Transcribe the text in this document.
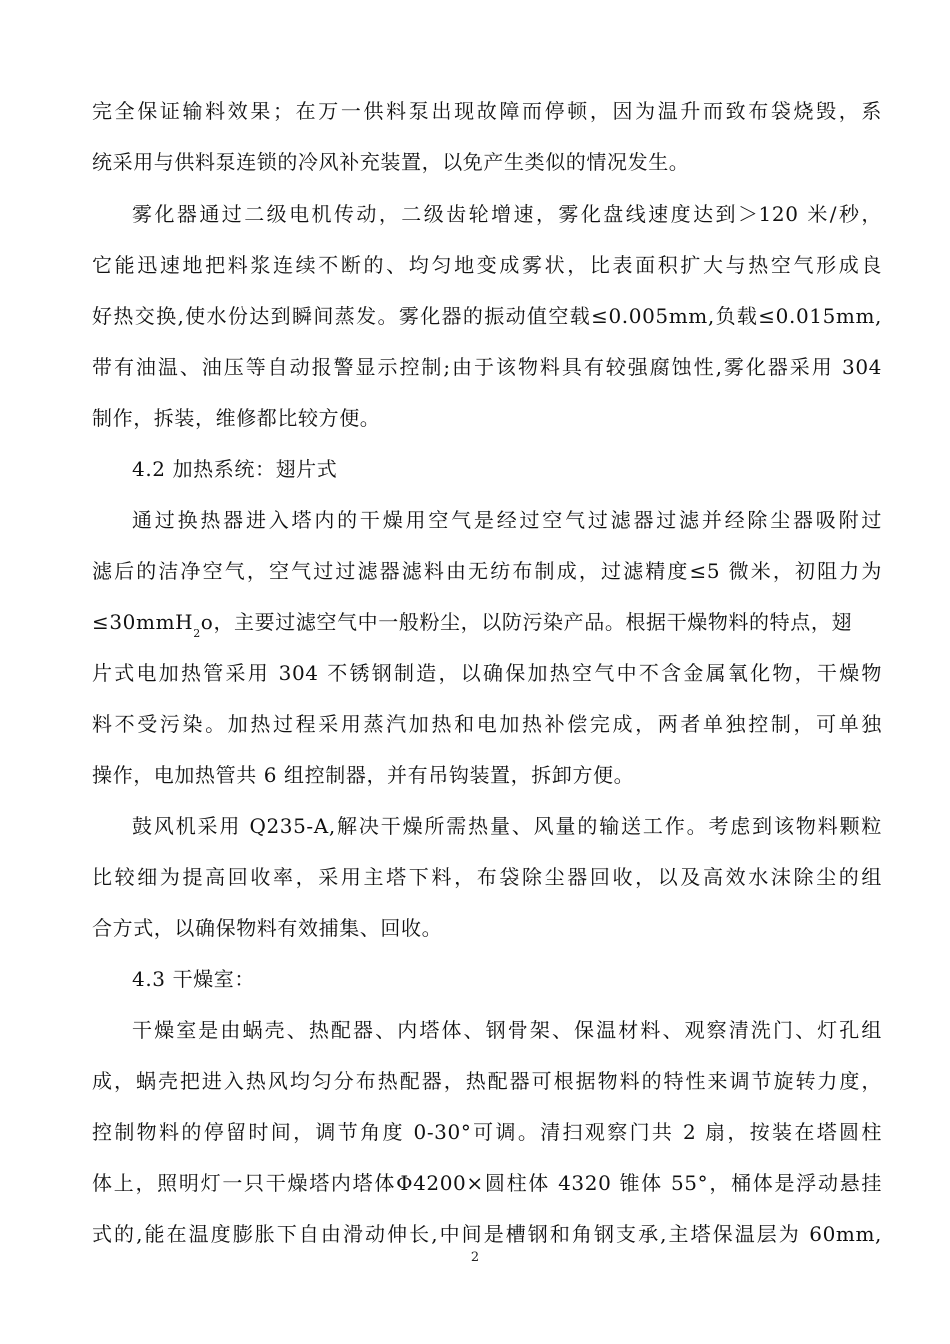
完全保证输料效果；在万一供料泵出现故障而停顿，因为温升而致布袋烧毁，系
统采用与供料泵连锁的冷风补充装置，以免产生类似的情况发生。
雾化器通过二级电机传动，二级齿轮增速，雾化盘线速度达到＞120 米/秒，
它能迅速地把料浆连续不断的、均匀地变成雾状，比表面积扩大与热空气形成良
好热交换,使水份达到瞬间蒸发。雾化器的振动值空载≤0.005mm,负载≤0.015mm,
带有油温、油压等自动报警显示控制;由于该物料具有较强腐蚀性,雾化器采用 304
制作，拆装，维修都比较方便。
4.2 加热系统：翅片式
通过换热器进入塔内的干燥用空气是经过空气过滤器过滤并经除尘器吸附过
滤后的洁净空气，空气过过滤器滤料由无纺布制成，过滤精度≤5 微米，初阻力为
≤30mmH$_2$o，主要过滤空气中一般粉尘，以防污染产品。根据干燥物料的特点，翅
片式电加热管采用 304 不锈钢制造，以确保加热空气中不含金属氧化物，干燥物
料不受污染。加热过程采用蒸汽加热和电加热补偿完成，两者单独控制，可单独
操作，电加热管共 6 组控制器，并有吊钩装置，拆卸方便。
鼓风机采用 Q235-A,解决干燥所需热量、风量的输送工作。考虑到该物料颗粒
比较细为提高回收率，采用主塔下料，布袋除尘器回收，以及高效水沫除尘的组
合方式，以确保物料有效捕集、回收。
4.3 干燥室：
干燥室是由蜗壳、热配器、内塔体、钢骨架、保温材料、观察清洗门、灯孔组
成，蜗壳把进入热风均匀分布热配器，热配器可根据物料的特性来调节旋转力度，
控制物料的停留时间，调节角度 0-30°可调。清扫观察门共 2 扇，按装在塔圆柱
体上，照明灯一只干燥塔内塔体Φ4200×圆柱体 4320 锥体 55°，桶体是浮动悬挂
式的,能在温度膨胀下自由滑动伸长,中间是槽钢和角钢支承,主塔保温层为 60mm,
2
